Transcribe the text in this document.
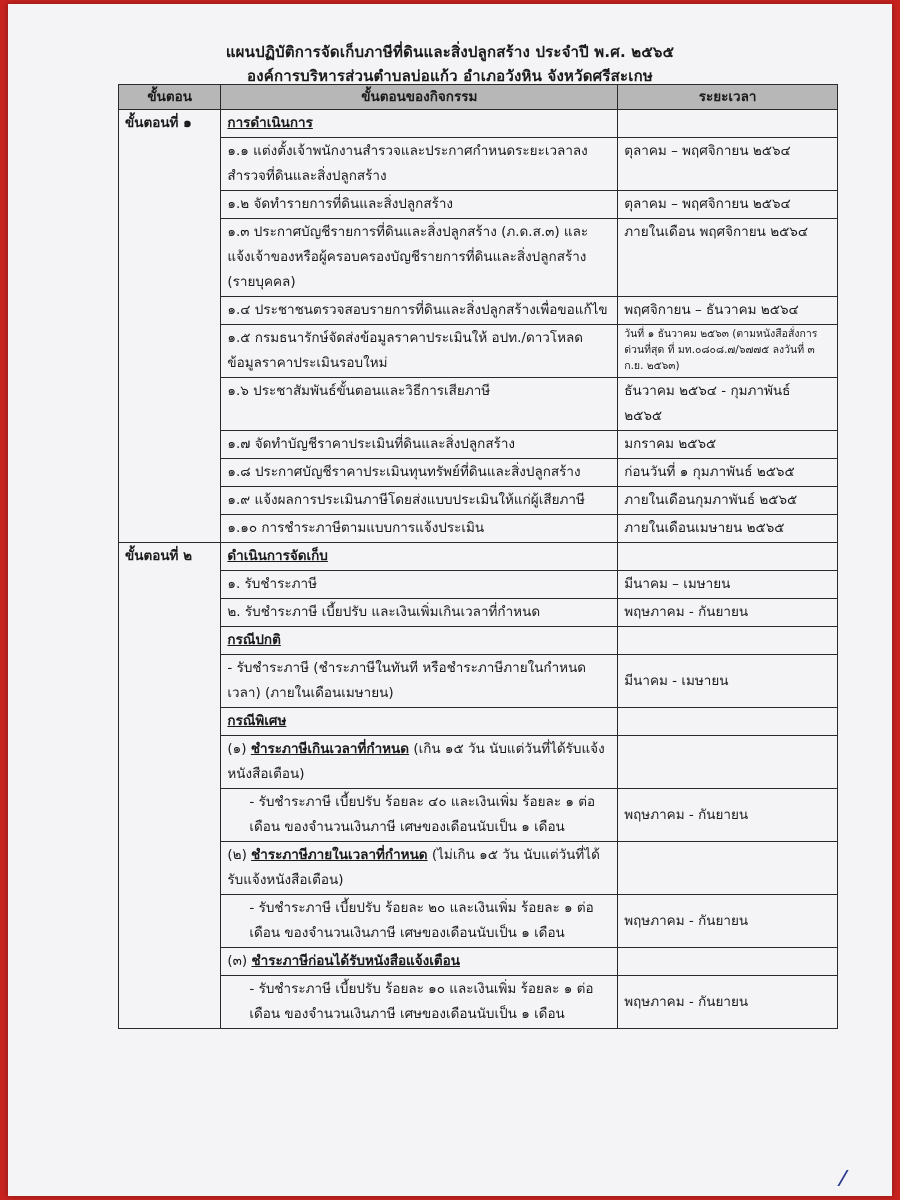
แผนปฏิบัติการจัดเก็บภาษีที่ดินและสิ่งปลูกสร้าง ประจำปี พ.ศ. ๒๕๖๕
องค์การบริหารส่วนตำบลบ่อแก้ว อำเภอวังหิน จังหวัดศรีสะเกษ
ขั้นตอน	ขั้นตอนของกิจกรรม	ระยะเวลา
ขั้นตอนที่ ๑	การดำเนินการ	
	๑.๑ แต่งตั้งเจ้าพนักงานสำรวจและประกาศกำหนดระยะเวลาลงสำรวจที่ดินและสิ่งปลูกสร้าง	ตุลาคม – พฤศจิกายน ๒๕๖๔
	๑.๒ จัดทำรายการที่ดินและสิ่งปลูกสร้าง	ตุลาคม – พฤศจิกายน ๒๕๖๔
	๑.๓ ประกาศบัญชีรายการที่ดินและสิ่งปลูกสร้าง (ภ.ด.ส.๓) และแจ้งเจ้าของหรือผู้ครอบครองบัญชีรายการที่ดินและสิ่งปลูกสร้าง (รายบุคคล)	ภายในเดือน พฤศจิกายน ๒๕๖๔
	๑.๔ ประชาชนตรวจสอบรายการที่ดินและสิ่งปลูกสร้างเพื่อขอแก้ไข	พฤศจิกายน – ธันวาคม ๒๕๖๔
	๑.๕ กรมธนารักษ์จัดส่งข้อมูลราคาประเมินให้ อปท./ดาวโหลดข้อมูลราคาประเมินรอบใหม่	วันที่ ๑ ธันวาคม ๒๕๖๓ (ตามหนังสือสั่งการด่วนที่สุด ที่ มท.๐๘๐๘.๗/๖๗๗๕ ลงวันที่ ๓ ก.ย. ๒๕๖๓)
	๑.๖ ประชาสัมพันธ์ขั้นตอนและวิธีการเสียภาษี	ธันวาคม ๒๕๖๔ - กุมภาพันธ์ ๒๕๖๕
	๑.๗ จัดทำบัญชีราคาประเมินที่ดินและสิ่งปลูกสร้าง	มกราคม ๒๕๖๕
	๑.๘ ประกาศบัญชีราคาประเมินทุนทรัพย์ที่ดินและสิ่งปลูกสร้าง	ก่อนวันที่ ๑ กุมภาพันธ์ ๒๕๖๕
	๑.๙ แจ้งผลการประเมินภาษีโดยส่งแบบประเมินให้แก่ผู้เสียภาษี	ภายในเดือนกุมภาพันธ์ ๒๕๖๕
	๑.๑๐ การชำระภาษีตามแบบการแจ้งประเมิน	ภายในเดือนเมษายน ๒๕๖๕
ขั้นตอนที่ ๒	ดำเนินการจัดเก็บ	
	๑. รับชำระภาษี	มีนาคม – เมษายน
	๒. รับชำระภาษี เบี้ยปรับ และเงินเพิ่มเกินเวลาที่กำหนด	พฤษภาคม - กันยายน
	กรณีปกติ	
	- รับชำระภาษี (ชำระภาษีในทันที หรือชำระภาษีภายในกำหนดเวลา) (ภายในเดือนเมษายน)	มีนาคม - เมษายน
	กรณีพิเศษ	
	(๑) ชำระภาษีเกินเวลาที่กำหนด (เกิน ๑๕ วัน นับแต่วันที่ได้รับแจ้งหนังสือเตือน)	

	- รับชำระภาษี เบี้ยปรับ ร้อยละ ๔๐ และเงินเพิ่ม ร้อยละ ๑ ต่อเดือน ของจำนวนเงินภาษี เศษของเดือนนับเป็น ๑ เดือน	พฤษภาคม - กันยายน
	(๒) ชำระภาษีภายในเวลาที่กำหนด (ไม่เกิน ๑๕ วัน นับแต่วันที่ได้รับแจ้งหนังสือเตือน)	

	- รับชำระภาษี เบี้ยปรับ ร้อยละ ๒๐ และเงินเพิ่ม ร้อยละ ๑ ต่อเดือน ของจำนวนเงินภาษี เศษของเดือนนับเป็น ๑ เดือน	พฤษภาคม - กันยายน
	(๓) ชำระภาษีก่อนได้รับหนังสือแจ้งเตือน	

	- รับชำระภาษี เบี้ยปรับ ร้อยละ ๑๐ และเงินเพิ่ม ร้อยละ ๑ ต่อเดือน ของจำนวนเงินภาษี เศษของเดือนนับเป็น ๑ เดือน	พฤษภาคม - กันยายน
